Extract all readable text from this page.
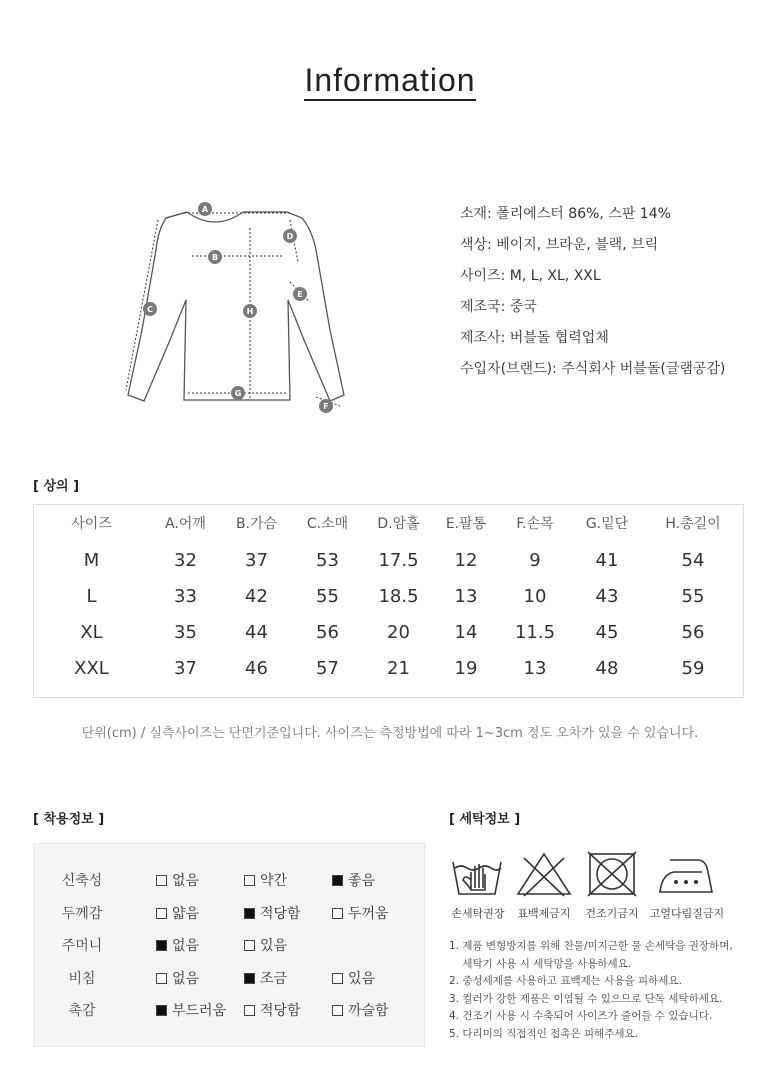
Information
A
B
C
D
E
F
G
H
소재: 폴리에스터 86%, 스판 14%
색상: 베이지, 브라운, 블랙, 브릭
사이즈: M, L, XL, XXL
제조국: 중국
제조사: 버블돌 협력업체
수입자(브랜드): 주식회사 버블돌(글램공감)
[ 상의 ]
사이즈	A.어깨	B.가슴	C.소매	D.암홀	E.팔통	F.손목	G.밑단	H.총길이
M	32	37	53	17.5	12	9	41	54
L	33	42	55	18.5	13	10	43	55
XL	35	44	56	20	14	11.5	45	56
XXL	37	46	57	21	19	13	48	59
단위(cm) / 실측사이즈는 단면기준입니다. 사이즈는 측정방법에 따라 1~3cm 정도 오차가 있을 수 있습니다.
[ 착용정보 ]
신축성	없음	약간	좋음
두께감	얇음	적당함	두꺼움
주머니	없음	있음
비침	없음	조금	있음
촉감	부드러움	적당함	까슬함
[ 세탁정보 ]
손세탁권장	표백제금지	건조기금지	고열다림질금지
1. 제품 변형방지를 위해 찬물/미지근한 물 손세탁을 권장하며,
세탁기 사용 시 세탁망을 사용하세요.
2. 중성세제를 사용하고 표백제는 사용을 피하세요.
3. 컬러가 강한 제품은 이염될 수 있으므로 단독 세탁하세요.
4. 건조기 사용 시 수축되어 사이즈가 줄어들 수 있습니다.
5. 다리미의 직접적인 접촉은 피해주세요.
